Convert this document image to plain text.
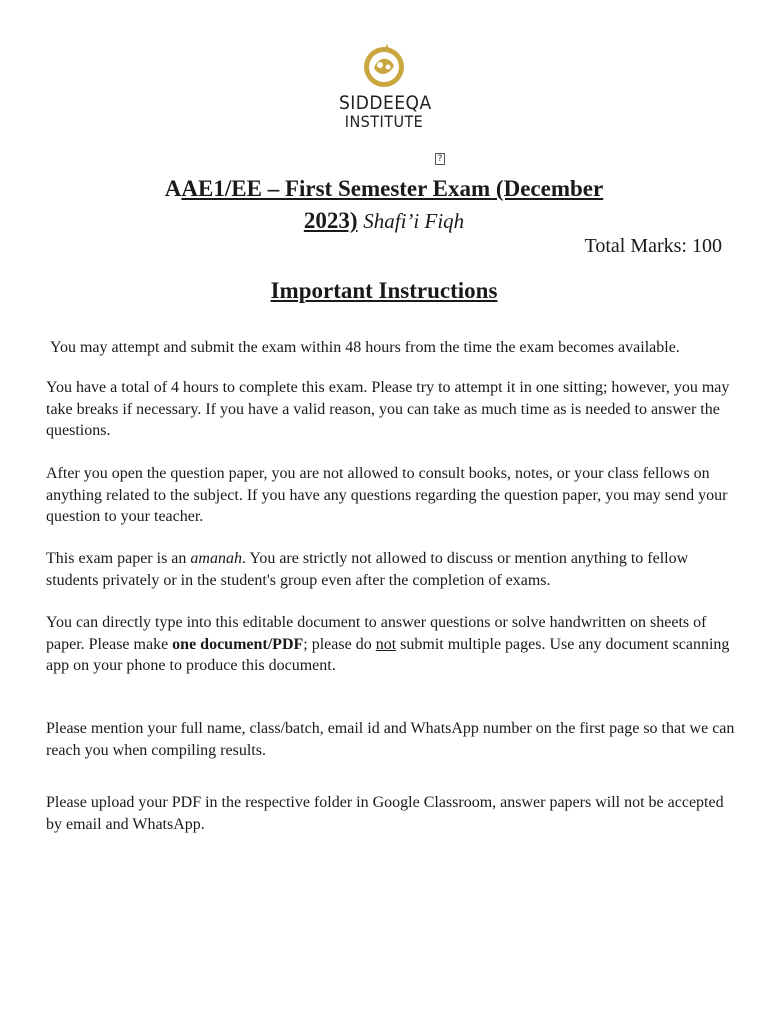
SIDDEEQA
INSTITUTE
?
AAE1/EE – First Semester Exam (December
2023) Shafi’i Fiqh
Total Marks: 100
Important Instructions
You may attempt and submit the exam within 48 hours from the time the exam becomes available.
You have a total of 4 hours to complete this exam. Please try to attempt it in one sitting; however, you may take breaks if necessary. If you have a valid reason, you can take as much time as is needed to answer the questions.
After you open the question paper, you are not allowed to consult books, notes, or your class fellows on anything related to the subject. If you have any questions regarding the question paper, you may send your question to your teacher.
This exam paper is an amanah. You are strictly not allowed to discuss or mention anything to fellow students privately or in the student's group even after the completion of exams.
You can directly type into this editable document to answer questions or solve handwritten on sheets of paper. Please make one document/PDF; please do not submit multiple pages. Use any document scanning app on your phone to produce this document.
Please mention your full name, class/batch, email id and WhatsApp number on the first page so that we can reach you when compiling results.
Please upload your PDF in the respective folder in Google Classroom, answer papers will not be accepted by email and WhatsApp.
